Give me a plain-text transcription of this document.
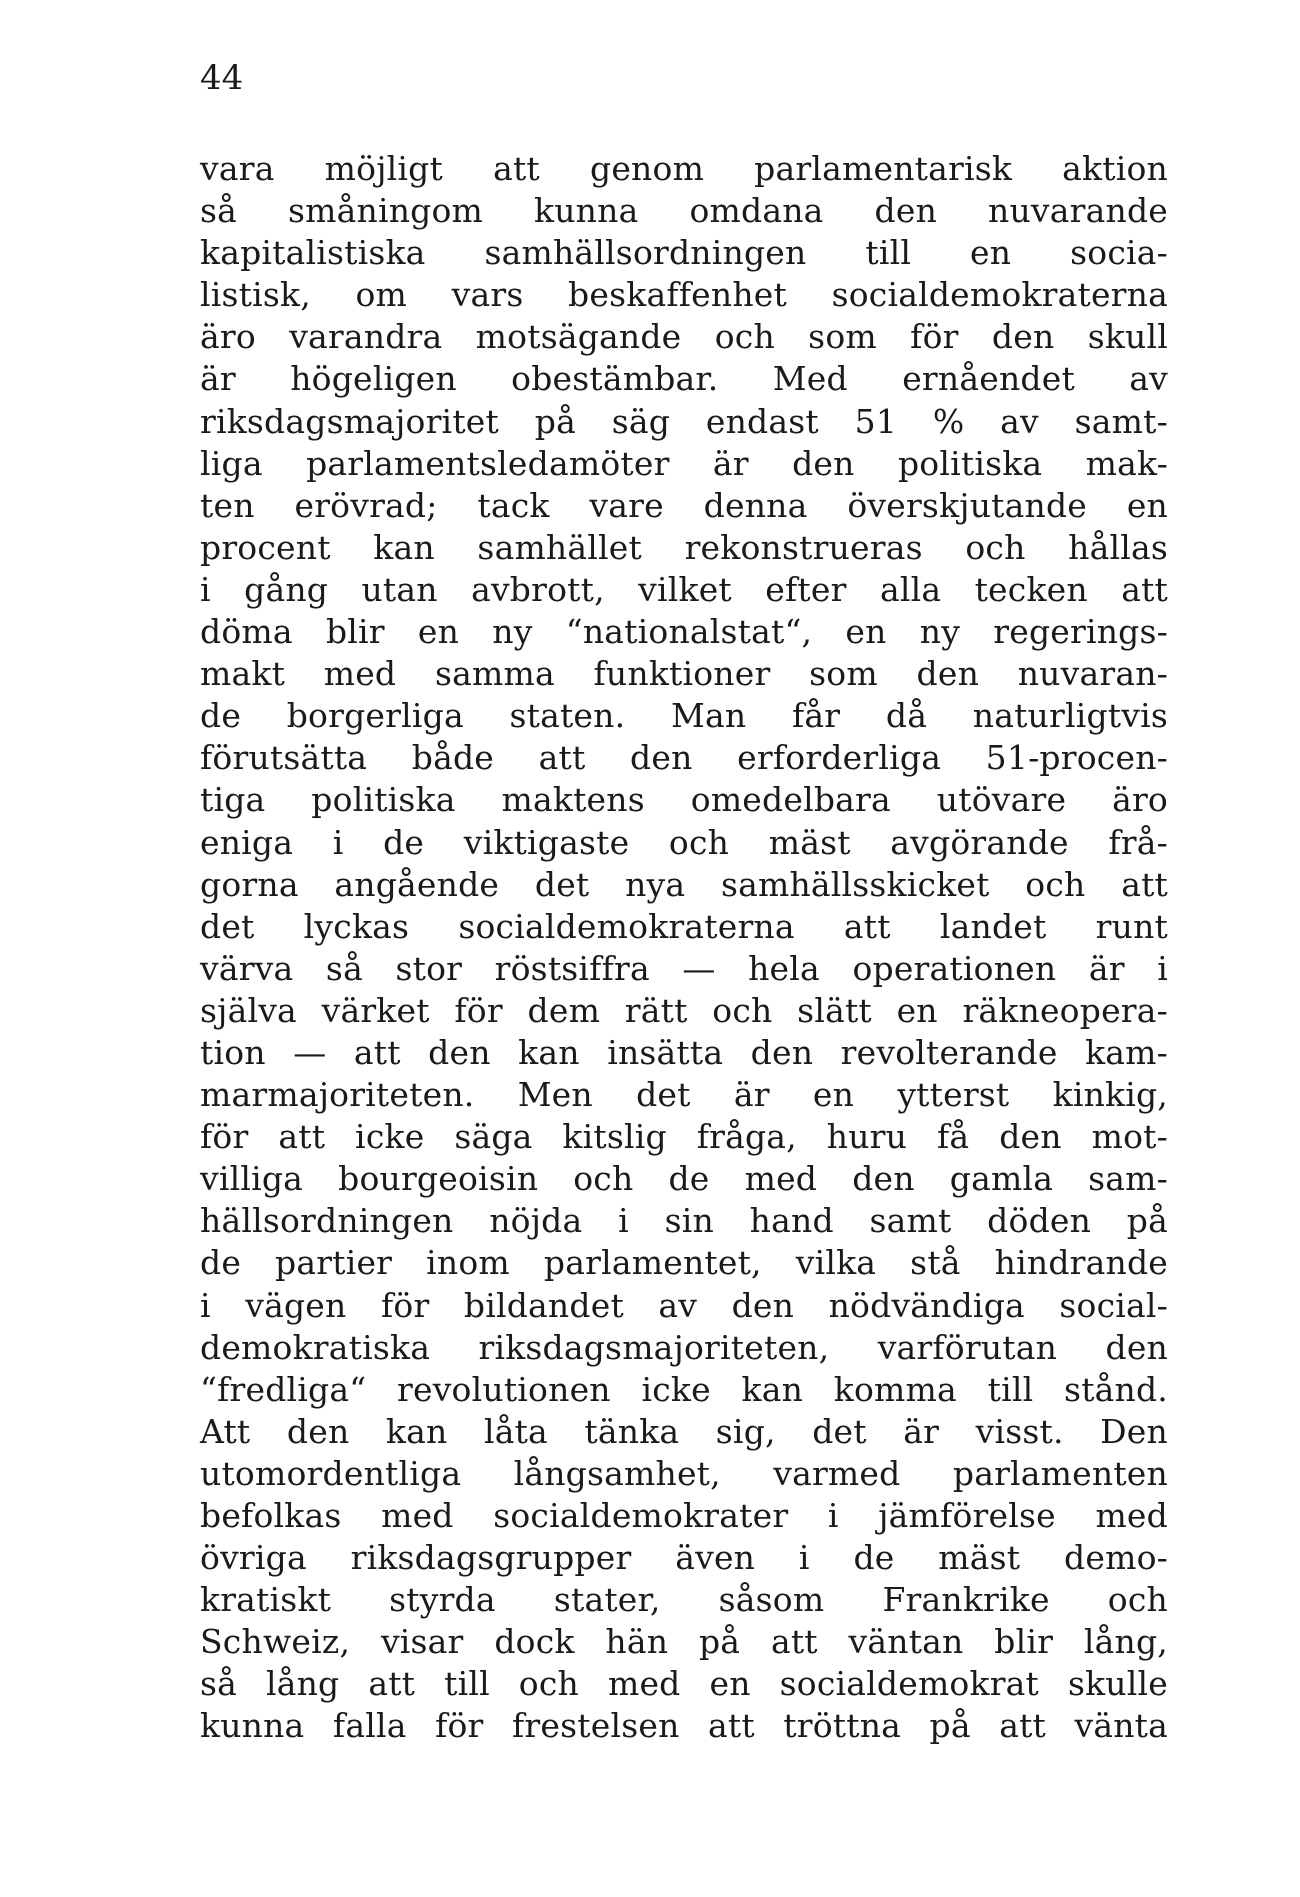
44

vara möjligt att genom parlamentarisk aktion
så småningom kunna omdana den nuvarande
kapitalistiska samhällsordningen till en socia-
listisk, om vars beskaffenhet socialdemokraterna
äro varandra motsägande och som för den skull
är högeligen obestämbar. Med ernåendet av
riksdagsmajoritet på säg endast 51 % av samt-
liga parlamentsledamöter är den politiska mak-
ten erövrad; tack vare denna överskjutande en
procent kan samhället rekonstrueras och hållas
i gång utan avbrott, vilket efter alla tecken att
döma blir en ny “nationalstat“, en ny regerings-
makt med samma funktioner som den nuvaran-
de borgerliga staten. Man får då naturligtvis
förutsätta både att den erforderliga 51-procen-
tiga politiska maktens omedelbara utövare äro
eniga i de viktigaste och mäst avgörande frå-
gorna angående det nya samhällsskicket och att
det lyckas socialdemokraterna att landet runt
värva så stor röstsiffra — hela operationen är i
själva värket för dem rätt och slätt en räkneopera-
tion — att den kan insätta den revolterande kam-
marmajoriteten. Men det är en ytterst kinkig,
för att icke säga kitslig fråga, huru få den mot-
villiga bourgeoisin och de med den gamla sam-
hällsordningen nöjda i sin hand samt döden på
de partier inom parlamentet, vilka stå hindrande
i vägen för bildandet av den nödvändiga social-
demokratiska riksdagsmajoriteten, varförutan den
“fredliga“ revolutionen icke kan komma till stånd.
Att den kan låta tänka sig, det är visst. Den
utomordentliga långsamhet, varmed parlamenten
befolkas med socialdemokrater i jämförelse med
övriga riksdagsgrupper även i de mäst demo-
kratiskt styrda stater, såsom Frankrike och
Schweiz, visar dock hän på att väntan blir lång,
så lång att till och med en socialdemokrat skulle
kunna falla för frestelsen att tröttna på att vänta
